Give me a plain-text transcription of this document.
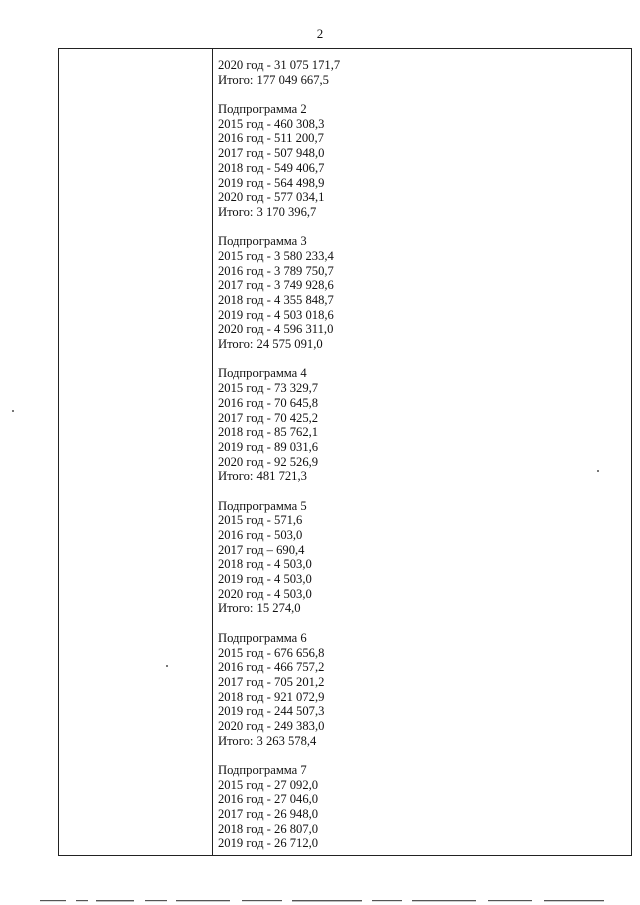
2
2020 год - 31 075 171,7
Итого: 177 049 667,5
Подпрограмма 2
2015 год - 460 308,3
2016 год - 511 200,7
2017 год - 507 948,0
2018 год - 549 406,7
2019 год - 564 498,9
2020 год - 577 034,1
Итого: 3 170 396,7
Подпрограмма 3
2015 год - 3 580 233,4
2016 год - 3 789 750,7
2017 год - 3 749 928,6
2018 год - 4 355 848,7
2019 год - 4 503 018,6
2020 год - 4 596 311,0
Итого: 24 575 091,0
Подпрограмма 4
2015 год - 73 329,7
2016 год - 70 645,8
2017 год - 70 425,2
2018 год - 85 762,1
2019 год - 89 031,6
2020 год - 92 526,9
Итого: 481 721,3
Подпрограмма 5
2015 год - 571,6
2016 год - 503,0
2017 год – 690,4
2018 год - 4 503,0
2019 год - 4 503,0
2020 год - 4 503,0
Итого: 15 274,0
Подпрограмма 6
2015 год - 676 656,8
2016 год - 466 757,2
2017 год - 705 201,2
2018 год - 921 072,9
2019 год - 244 507,3
2020 год - 249 383,0
Итого: 3 263 578,4
Подпрограмма 7
2015 год - 27 092,0
2016 год - 27 046,0
2017 год - 26 948,0
2018 год - 26 807,0
2019 год - 26 712,0
